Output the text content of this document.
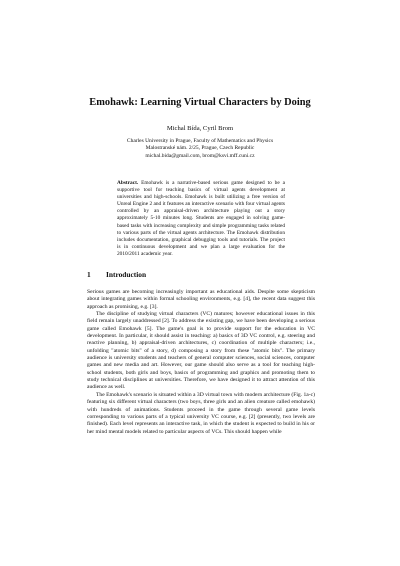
Emohawk: Learning Virtual Characters by Doing
Michal Bída, Cyril Brom
Charles University in Prague, Faculty of Mathematics and Physics
Malostranské nám. 2/25, Prague, Czech Republic
michal.bida@gmail.com, brom@ksvi.mff.cuni.cz
Abstract. Emohawk is a narrative-based serious game designed to be a supportive tool for teaching basics of virtual agents development at universities and high-schools. Emohawk is built utilizing a free version of Unreal Engine 2 and it features an interactive scenario with four virtual agents controlled by an appraisal-driven architecture playing out a story approximately 5-10 minutes long. Students are engaged in solving game-based tasks with increasing complexity and simple programming tasks related to various parts of the virtual agents architecture. The Emohawk distribution includes documentation, graphical debugging tools and tutorials. The project is in continuous development and we plan a large evaluation for the 2010/2011 academic year.
1 Introduction

Serious games are becoming increasingly important as educational aids. Despite some skepticism about integrating games within formal schooling environments, e.g. [4], the recent data suggest this approach as promising, e.g. [3].

The discipline of studying virtual characters (VC) matures; however educational issues in this field remain largely unaddressed [2]. To address the existing gap, we have been developing a serious game called Emohawk [5]. The game's goal is to provide support for the education in VC development. In particular, it should assist in teaching: a) basics of 3D VC control, e.g. steering and reactive planning, b) appraisal-driven architectures, c) coordination of multiple characters; i.e., unfolding "atomic bits" of a story, d) composing a story from these "atomic bits". The primary audience is university students and teachers of general computer sciences, social sciences, computer games and new media and art. However, our game should also serve as a tool for teaching high-school students, both girls and boys, basics of programming and graphics and promoting them to study technical disciplines at universities. Therefore, we have designed it to attract attention of this audience as well.

The Emohawk's scenario is situated within a 3D virtual town with modern architecture (Fig. 1a-c) featuring six different virtual characters (two boys, three girls and an alien creature called emohawk) with hundreds of animations. Students proceed in the game through several game levels corresponding to various parts of a typical university VC course, e.g. [2] (presently, two levels are finished). Each level represents an interactive task, in which the student is expected to build in his or her mind mental models related to particular aspects of VCs. This should happen while
